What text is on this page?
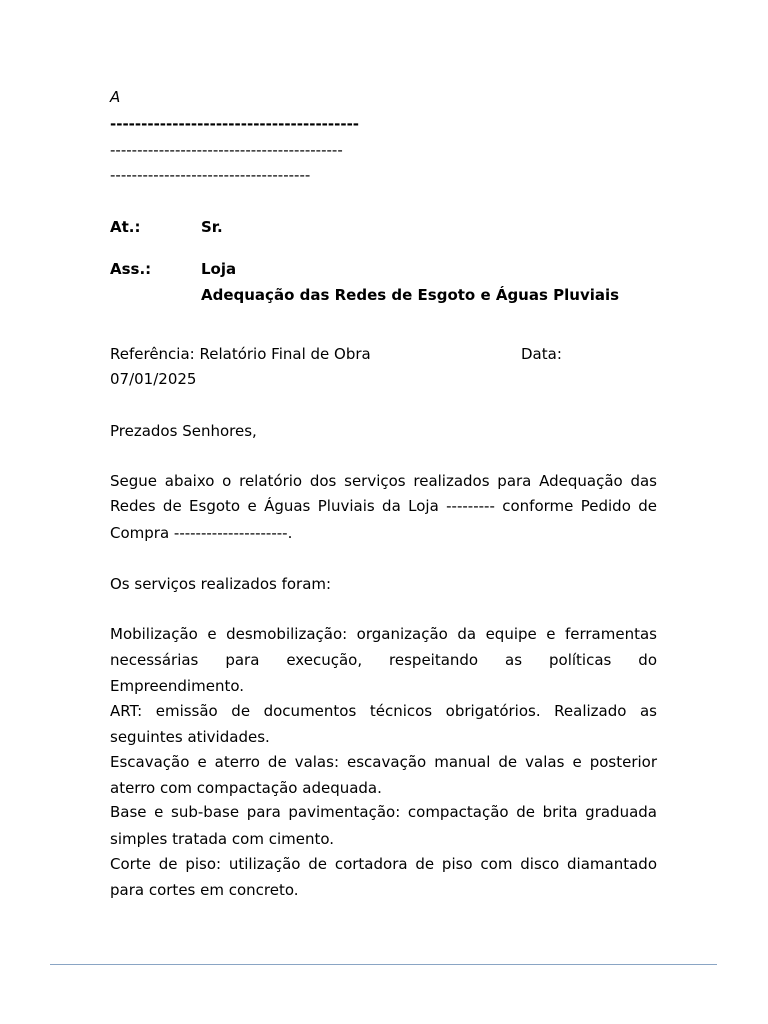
A
----------------------------------------
-------------------------------------------
-------------------------------------
At.:	Sr.
Ass.:	Loja
Adequação das Redes de Esgoto e Águas Pluviais
Referência: Relatório Final de Obra	Data:
07/01/2025
Prezados Senhores,
Segue abaixo o relatório dos serviços realizados para Adequação das
Redes de Esgoto e Águas Pluviais da Loja --------- conforme Pedido de
Compra ---------------------.
Os serviços realizados foram:
Mobilização e desmobilização: organização da equipe e ferramentas
necessárias para execução, respeitando as políticas do
Empreendimento.
ART: emissão de documentos técnicos obrigatórios. Realizado as
seguintes atividades.
Escavação e aterro de valas: escavação manual de valas e posterior
aterro com compactação adequada.
Base e sub-base para pavimentação: compactação de brita graduada
simples tratada com cimento.
Corte de piso: utilização de cortadora de piso com disco diamantado
para cortes em concreto.
